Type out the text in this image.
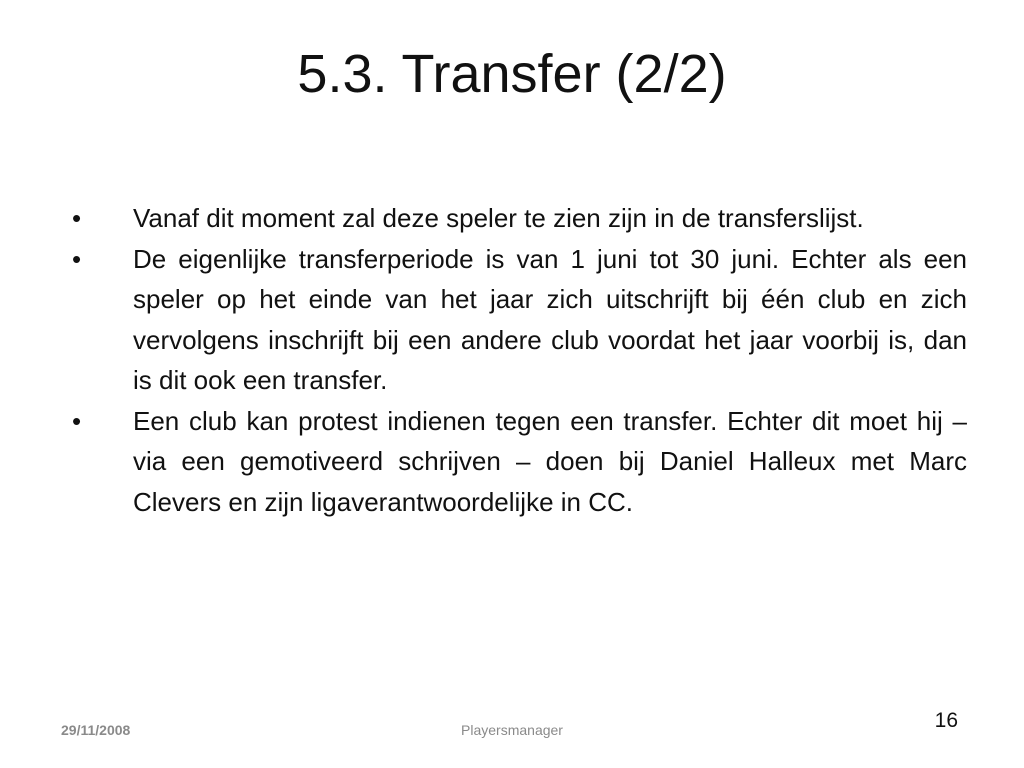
5.3. Transfer (2/2)
•	Vanaf dit moment zal deze speler te zien zijn in de transferslijst.
•	De eigenlijke transferperiode is van 1 juni tot 30 juni. Echter als een speler op het einde van het jaar zich uitschrijft bij één club en zich vervolgens inschrijft bij een andere club voordat het jaar voorbij is, dan is dit ook een transfer.
•	Een club kan protest indienen tegen een transfer. Echter dit moet hij – via een gemotiveerd schrijven – doen bij Daniel Halleux met Marc Clevers en zijn ligaverantwoordelijke in CC.
29/11/2008	Playersmanager	16
